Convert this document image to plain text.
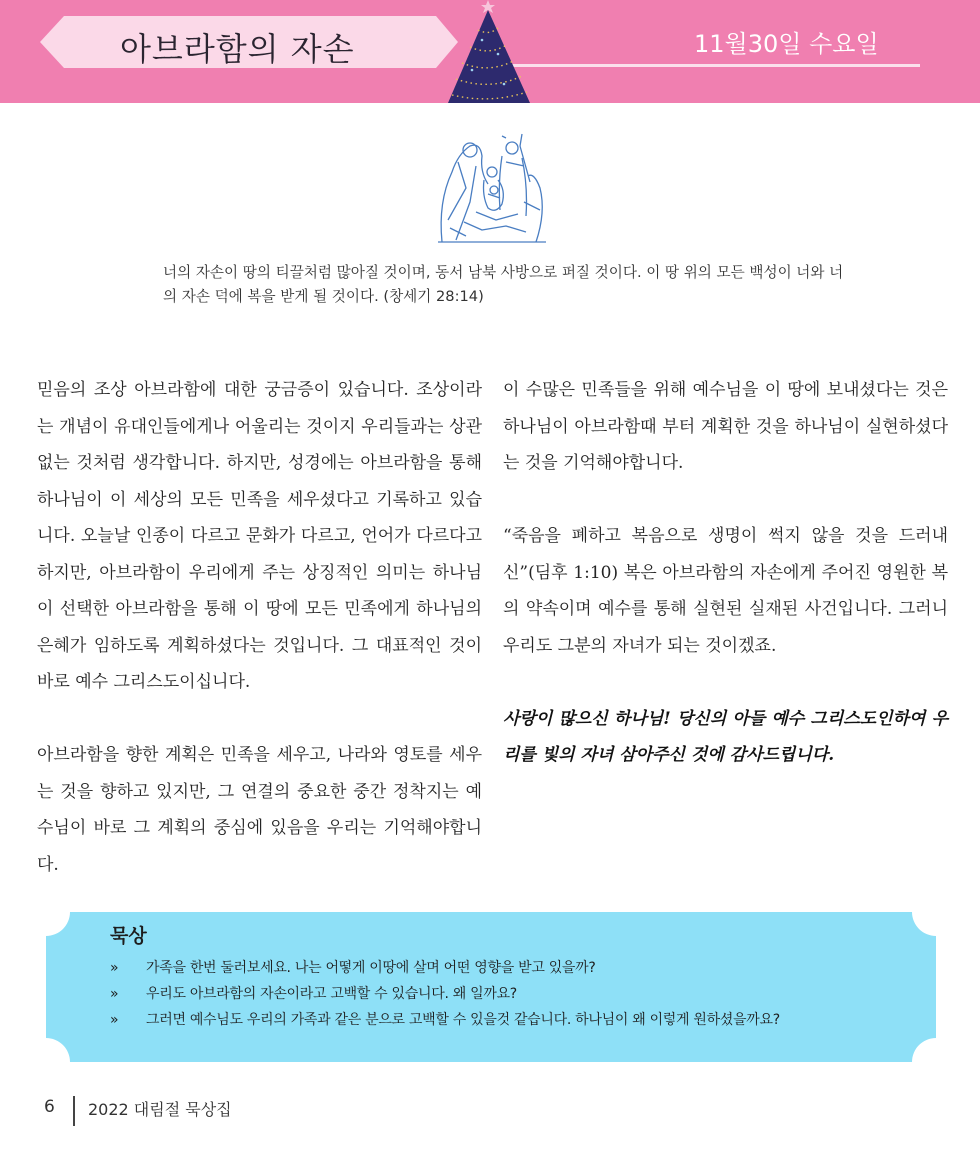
아브라함의 자손	11월30일 수요일
너의 자손이 땅의 티끌처럼 많아질 것이며, 동서 남북 사방으로 퍼질 것이다. 이 땅 위의 모든 백성이 너와 너의 자손 덕에 복을 받게 될 것이다. (창세기 28:14)

믿음의 조상 아브라함에 대한 궁금증이 있습니다. 조상이라는 개념이 유대인들에게나 어울리는 것이지 우리들과는 상관없는 것처럼 생각합니다. 하지만, 성경에는 아브라함을 통해 하나님이 이 세상의 모든 민족을 세우셨다고 기록하고 있습니다. 오늘날 인종이 다르고 문화가 다르고, 언어가 다르다고 하지만, 아브라함이 우리에게 주는 상징적인 의미는 하나님이 선택한 아브라함을 통해 이 땅에 모든 민족에게 하나님의 은혜가 임하도록 계획하셨다는 것입니다. 그 대표적인 것이 바로 예수 그리스도이십니다.

아브라함을 향한 계획은 민족을 세우고, 나라와 영토를 세우는 것을 향하고 있지만, 그 연결의 중요한 중간 정착지는 예수님이 바로 그 계획의 중심에 있음을 우리는 기억해야합니다.

이 수많은 민족들을 위해 예수님을 이 땅에 보내셨다는 것은 하나님이 아브라함때 부터 계획한 것을 하나님이 실현하셨다는 것을 기억해야합니다.

“죽음을 폐하고 복음으로 생명이 썩지 않을 것을 드러내신”(딤후 1:10) 복은 아브라함의 자손에게 주어진 영원한 복의 약속이며 예수를 통해 실현된 실재된 사건입니다. 그러니 우리도 그분의 자녀가 되는 것이겠죠.

사랑이 많으신 하나님! 당신의 아들 예수 그리스도인하여 우리를 빛의 자녀 삼아주신 것에 감사드립니다.

묵상
» 가족을 한번 둘러보세요. 나는 어떻게 이땅에 살며 어떤 영향을 받고 있을까?
» 우리도 아브라함의 자손이라고 고백할 수 있습니다. 왜 일까요?
» 그러면 예수님도 우리의 가족과 같은 분으로 고백할 수 있을것 같습니다. 하나님이 왜 이렇게 원하셨을까요?
6 2022 대림절 묵상집
